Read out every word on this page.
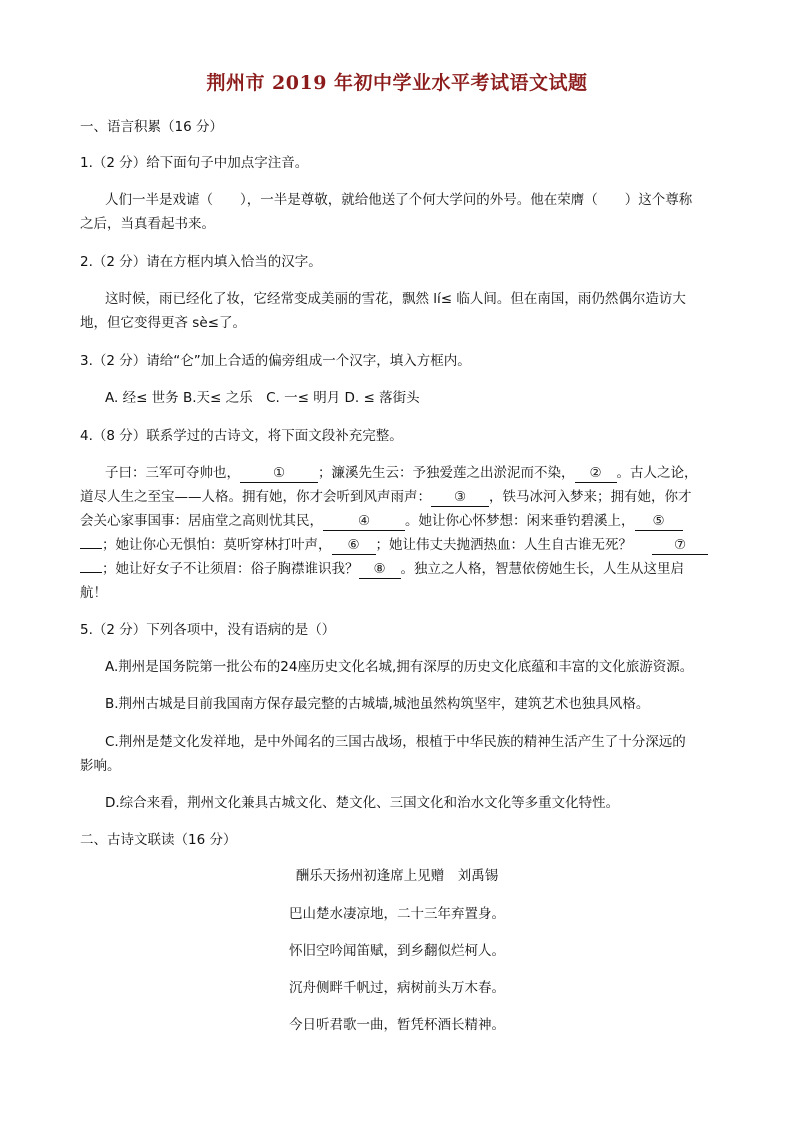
荆州市 2019 年初中学业水平考试语文试题
一、语言积累（16 分）
1.（2 分）给下面句子中加点字注音。
人们一半是戏谑（　　），一半是尊敬，就给他送了个何大学问的外号。他在荣膺（　　）这个尊称
之后，当真看起书来。
2.（2 分）请在方框内填入恰当的汉字。
这时候，雨已经化了妆，它经常变成美丽的雪花，飘然 lí≤ 临人间。但在南国，雨仍然偶尔造访大
地，但它变得更吝 sè≤了。
3.（2 分）请给“仑”加上合适的偏旁组成一个汉字，填入方框内。
A. 经≤ 世务 B.天≤ 之乐　C. 一≤ 明月 D. ≤ 落街头
4.（8 分）联系学过的古诗文，将下面文段补充完整。
子曰：三军可夺帅也， ① ；濂溪先生云：予独爱莲之出淤泥而不染， ② 。古人之论，
道尽人生之至宝——人格。拥有她，你才会听到风声雨声： ③ ，铁马冰河入梦来；拥有她，你才
会关心家事国事：居庙堂之高则忧其民，	④	。她让你心怀梦想：闲来垂钓碧溪上， ⑤
；她让你心无惧怕：莫听穿林打叶声， ⑥ ；她让伟丈夫抛洒热血：人生自古谁无死？	⑦
；她让好女子不让须眉：俗子胸襟谁识我？ ⑧ 。独立之人格，智慧依傍她生长，人生从这里启
航！
5.（2 分）下列各项中，没有语病的是（）
A.荆州是国务院第一批公布的24座历史文化名城,拥有深厚的历史文化底蕴和丰富的文化旅游资源。
B.荆州古城是目前我国南方保存最完整的古城墙,城池虽然构筑坚牢，建筑艺术也独具风格。
C.荆州是楚文化发祥地，是中外闻名的三国古战场，根植于中华民族的精神生活产生了十分深远的
影响。
D.综合来看，荆州文化兼具古城文化、楚文化、三国文化和治水文化等多重文化特性。
二、古诗文联读（16 分）
酬乐天扬州初逢席上见赠　刘禹锡
巴山楚水凄凉地，二十三年弃置身。
怀旧空吟闻笛赋，到乡翻似烂柯人。
沉舟侧畔千帆过，病树前头万木春。
今日听君歌一曲，暂凭杯酒长精神。
